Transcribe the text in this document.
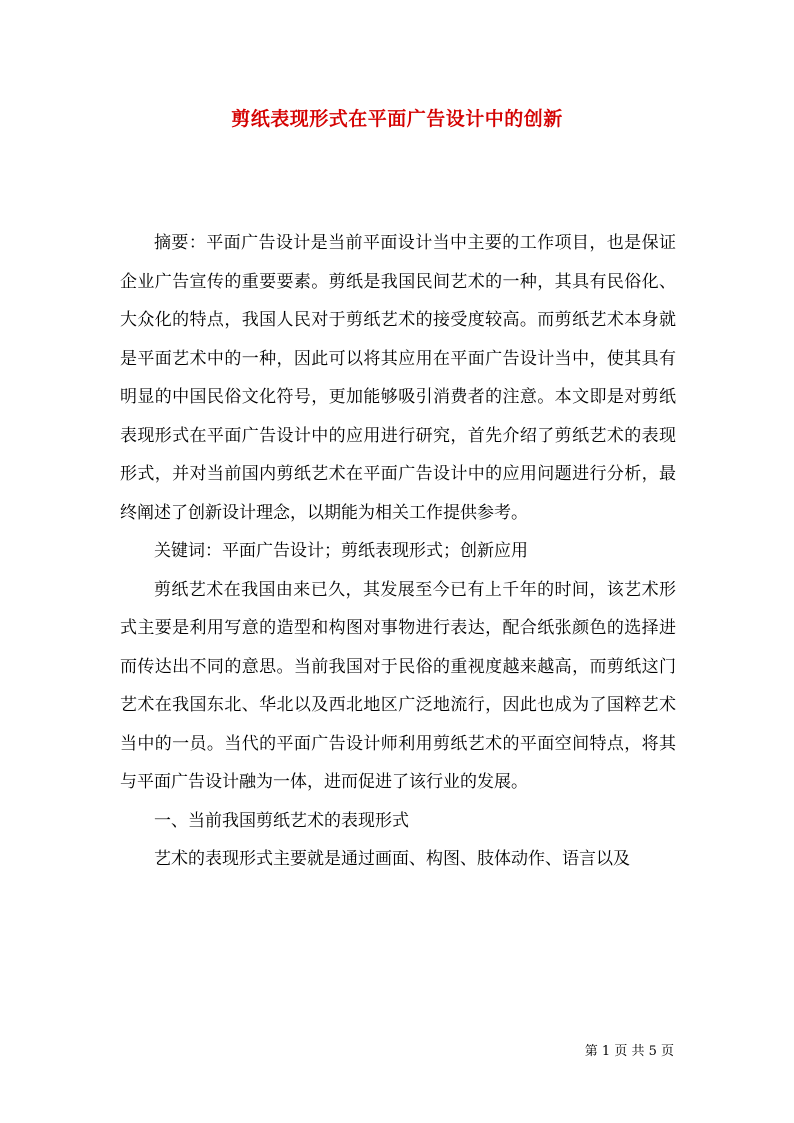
剪纸表现形式在平面广告设计中的创新

摘要：平面广告设计是当前平面设计当中主要的工作项目，也是保证企业广告宣传的重要要素。剪纸是我国民间艺术的一种，其具有民俗化、大众化的特点，我国人民对于剪纸艺术的接受度较高。而剪纸艺术本身就是平面艺术中的一种，因此可以将其应用在平面广告设计当中，使其具有明显的中国民俗文化符号，更加能够吸引消费者的注意。本文即是对剪纸表现形式在平面广告设计中的应用进行研究，首先介绍了剪纸艺术的表现形式，并对当前国内剪纸艺术在平面广告设计中的应用问题进行分析，最终阐述了创新设计理念，以期能为相关工作提供参考。

关键词：平面广告设计；剪纸表现形式；创新应用

剪纸艺术在我国由来已久，其发展至今已有上千年的时间，该艺术形式主要是利用写意的造型和构图对事物进行表达，配合纸张颜色的选择进而传达出不同的意思。当前我国对于民俗的重视度越来越高，而剪纸这门艺术在我国东北、华北以及西北地区广泛地流行，因此也成为了国粹艺术当中的一员。当代的平面广告设计师利用剪纸艺术的平面空间特点，将其与平面广告设计融为一体，进而促进了该行业的发展。

一、当前我国剪纸艺术的表现形式

艺术的表现形式主要就是通过画面、构图、肢体动作、语言以及

第 1 页 共 5 页
